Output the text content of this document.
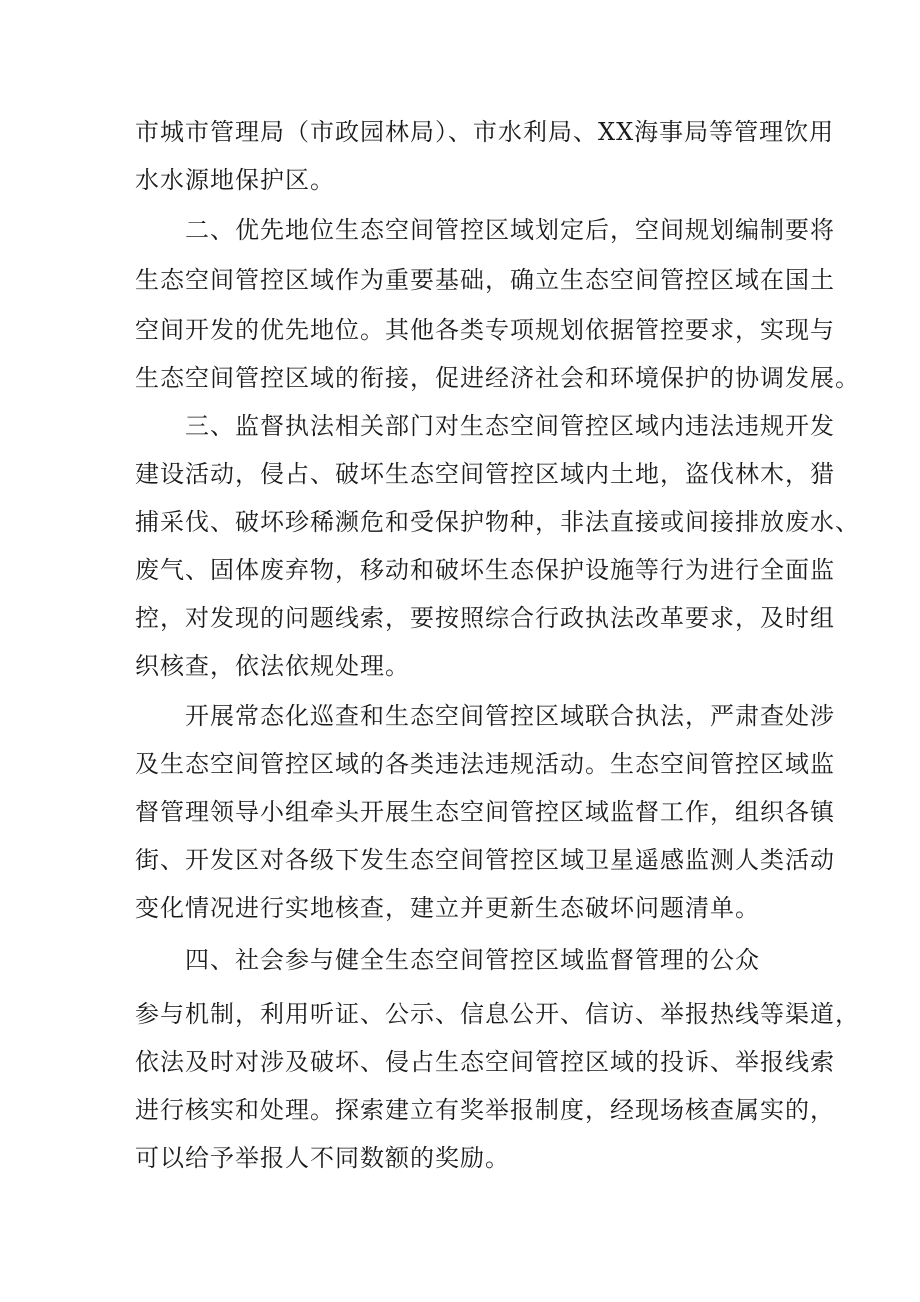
市城市管理局（市政园林局）、市水利局、XX海事局等管理饮用
水水源地保护区。
二、优先地位生态空间管控区域划定后，空间规划编制要将
生态空间管控区域作为重要基础，确立生态空间管控区域在国土
空间开发的优先地位。其他各类专项规划依据管控要求，实现与
生态空间管控区域的衔接，促进经济社会和环境保护的协调发展。
三、监督执法相关部门对生态空间管控区域内违法违规开发
建设活动，侵占、破坏生态空间管控区域内土地，盗伐林木，猎
捕采伐、破坏珍稀濒危和受保护物种，非法直接或间接排放废水、
废气、固体废弃物，移动和破坏生态保护设施等行为进行全面监
控，对发现的问题线索，要按照综合行政执法改革要求，及时组
织核查，依法依规处理。
开展常态化巡查和生态空间管控区域联合执法，严肃查处涉
及生态空间管控区域的各类违法违规活动。生态空间管控区域监
督管理领导小组牵头开展生态空间管控区域监督工作，组织各镇
街、开发区对各级下发生态空间管控区域卫星遥感监测人类活动
变化情况进行实地核查，建立并更新生态破坏问题清单。
四、社会参与健全生态空间管控区域监督管理的公众
参与机制，利用听证、公示、信息公开、信访、举报热线等渠道，
依法及时对涉及破坏、侵占生态空间管控区域的投诉、举报线索
进行核实和处理。探索建立有奖举报制度，经现场核查属实的，
可以给予举报人不同数额的奖励。
